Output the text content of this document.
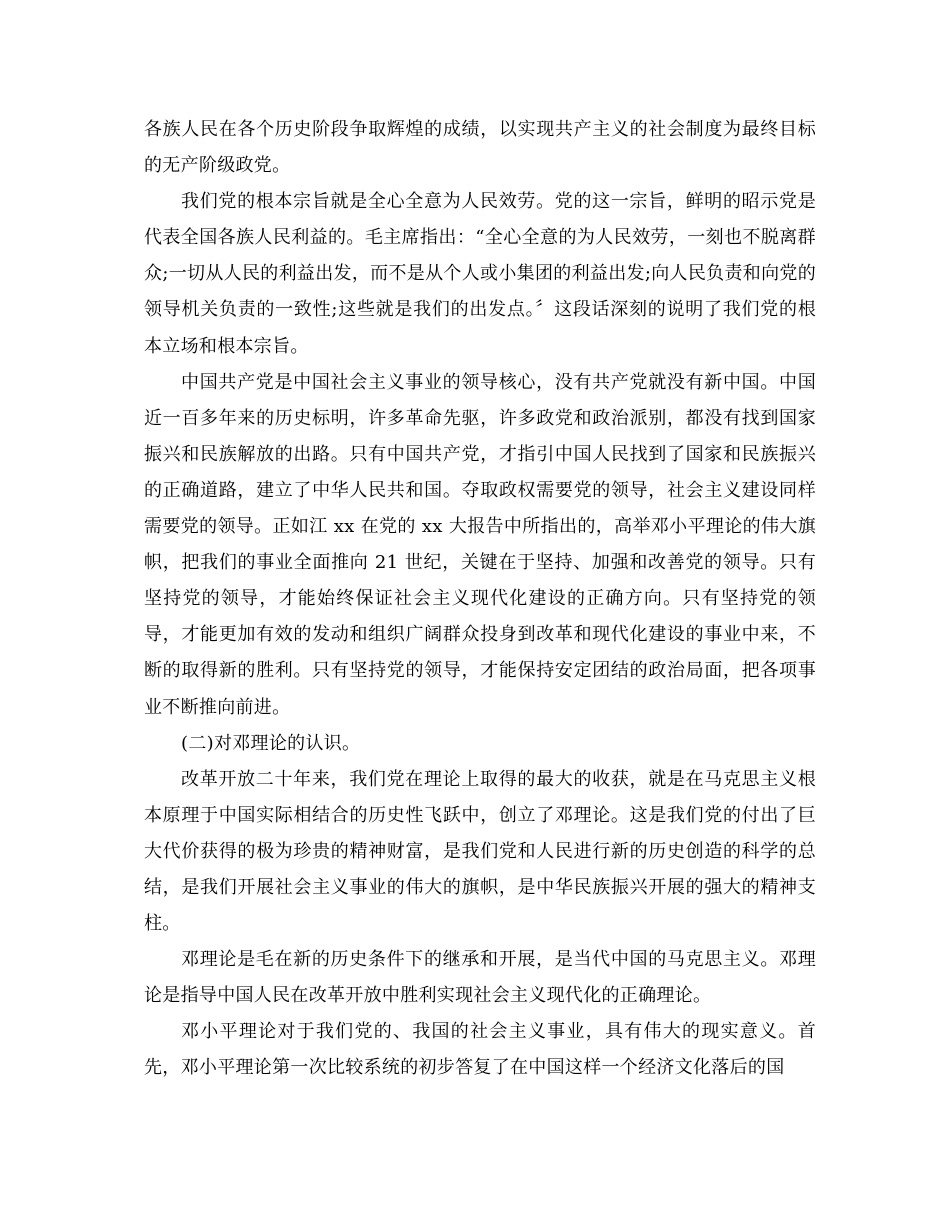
各族人民在各个历史阶段争取辉煌的成绩，以实现共产主义的社会制度为最终目标的无产阶级政党。

我们党的根本宗旨就是全心全意为人民效劳。党的这一宗旨，鲜明的昭示党是代表全国各族人民利益的。毛主席指出：“全心全意的为人民效劳，一刻也不脱离群众;一切从人民的利益出发，而不是从个人或小集团的利益出发;向人民负责和向党的领导机关负责的一致性;这些就是我们的出发点。〞这段话深刻的说明了我们党的根本立场和根本宗旨。

中国共产党是中国社会主义事业的领导核心，没有共产党就没有新中国。中国近一百多年来的历史标明，许多革命先驱，许多政党和政治派别，都没有找到国家振兴和民族解放的出路。只有中国共产党，才指引中国人民找到了国家和民族振兴的正确道路，建立了中华人民共和国。夺取政权需要党的领导，社会主义建设同样需要党的领导。正如江 xx 在党的 xx 大报告中所指出的，高举邓小平理论的伟大旗帜，把我们的事业全面推向 21 世纪，关键在于坚持、加强和改善党的领导。只有坚持党的领导，才能始终保证社会主义现代化建设的正确方向。只有坚持党的领导，才能更加有效的发动和组织广阔群众投身到改革和现代化建设的事业中来，不断的取得新的胜利。只有坚持党的领导，才能保持安定团结的政治局面，把各项事业不断推向前进。

(二)对邓理论的认识。

改革开放二十年来，我们党在理论上取得的最大的收获，就是在马克思主义根本原理于中国实际相结合的历史性飞跃中，创立了邓理论。这是我们党的付出了巨大代价获得的极为珍贵的精神财富，是我们党和人民进行新的历史创造的科学的总结，是我们开展社会主义事业的伟大的旗帜，是中华民族振兴开展的强大的精神支柱。

邓理论是毛在新的历史条件下的继承和开展，是当代中国的马克思主义。邓理论是指导中国人民在改革开放中胜利实现社会主义现代化的正确理论。

邓小平理论对于我们党的、我国的社会主义事业，具有伟大的现实意义。首先，邓小平理论第一次比较系统的初步答复了在中国这样一个经济文化落后的国
